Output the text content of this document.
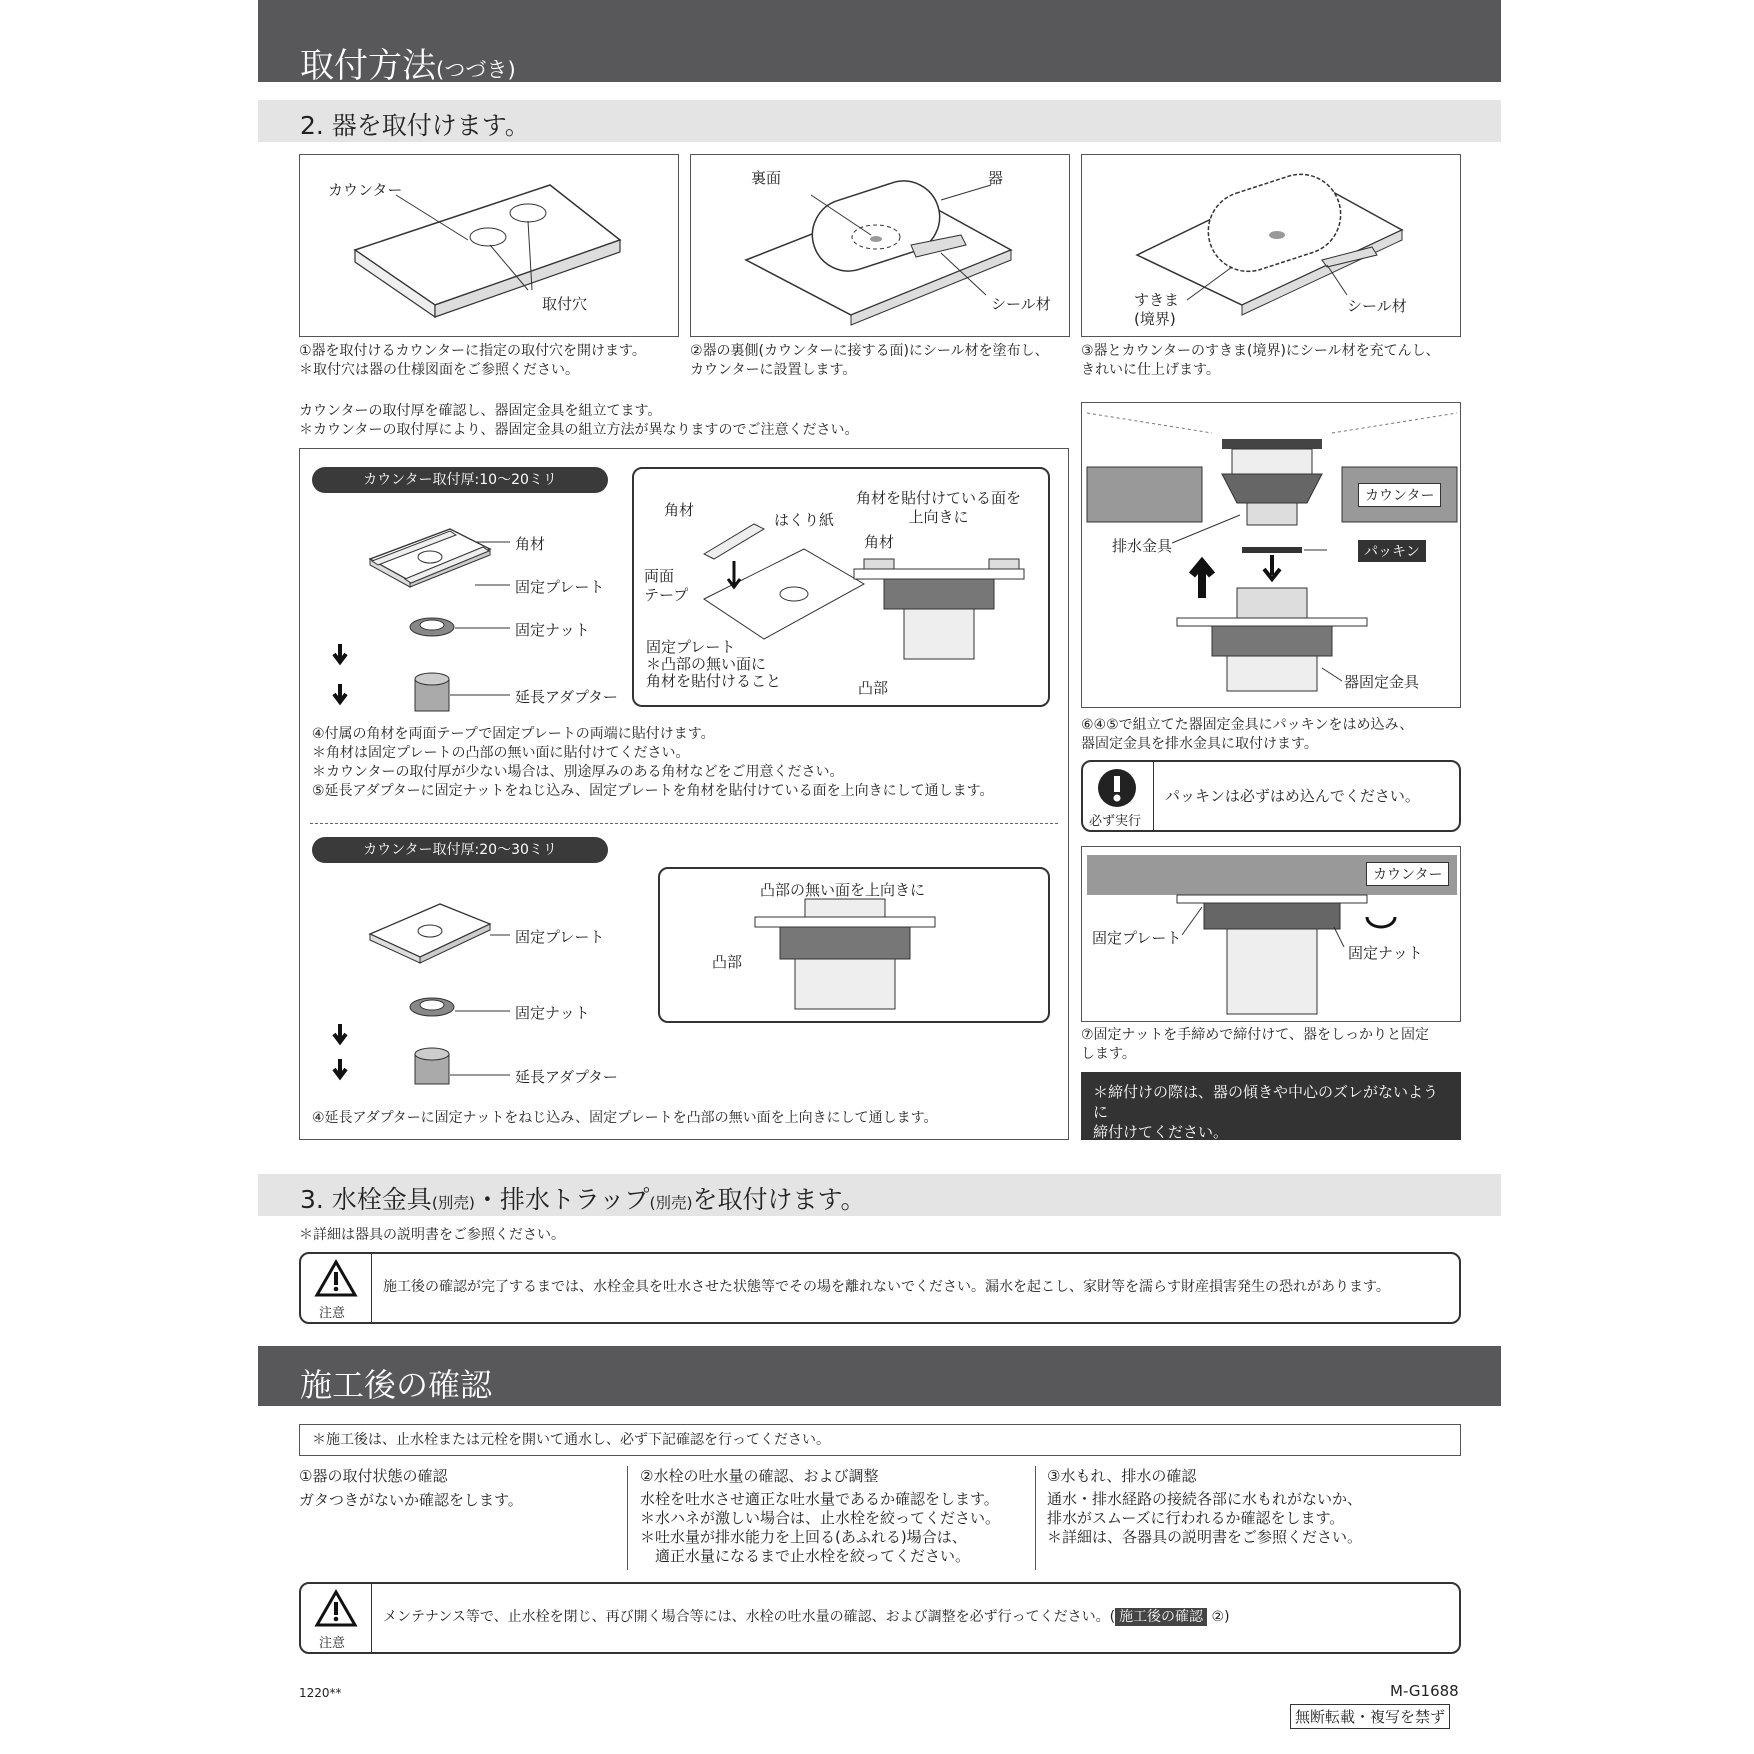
取付方法(つづき)
2. 器を取付けます。
カウンター
取付穴
①器を取付けるカウンターに指定の取付穴を開けます。
＊取付穴は器の仕様図面をご参照ください。
裏面	器
シール材
②器の裏側(カウンターに接する面)にシール材を塗布し、
カウンターに設置します。
すきま
(境界)
シール材
③器とカウンターのすきま(境界)にシール材を充てんし、
きれいに仕上げます。
カウンターの取付厚を確認し、器固定金具を組立てます。
＊カウンターの取付厚により、器固定金具の組立方法が異なりますのでご注意ください。
カウンター取付厚:10～20ミリ
角材
固定プレート
固定ナット
延長アダプター
角材
はくり紙
両面
テープ
固定プレート
＊凸部の無い面に
角材を貼付けること
角材を貼付けている面を
上向きに
角材
凸部
④付属の角材を両面テープで固定プレートの両端に貼付けます。
＊角材は固定プレートの凸部の無い面に貼付けてください。
＊カウンターの取付厚が少ない場合は、別途厚みのある角材などをご用意ください。
⑤延長アダプターに固定ナットをねじ込み、固定プレートを角材を貼付けている面を上向きにして通します。
カウンター取付厚:20～30ミリ
固定プレート
固定ナット
延長アダプター
凸部の無い面を上向きに
凸部
④延長アダプターに固定ナットをねじ込み、固定プレートを凸部の無い面を上向きにして通します。
カウンター
排水金具	パッキン
器固定金具
⑥④⑤で組立てた器固定金具にパッキンをはめ込み、
器固定金具を排水金具に取付けます。
必ず実行
パッキンは必ずはめ込んでください。
カウンター
固定プレート
固定ナット
⑦固定ナットを手締めで締付けて、器をしっかりと固定
します。
＊締付けの際は、器の傾きや中心のズレがないように
締付けてください。
3. 水栓金具(別売)・排水トラップ(別売)を取付けます。
＊詳細は器具の説明書をご参照ください。
注意
施工後の確認が完了するまでは、水栓金具を吐水させた状態等でその場を離れないでください。漏水を起こし、家財等を濡らす財産損害発生の恐れがあります。
施工後の確認
＊施工後は、止水栓または元栓を開いて通水し、必ず下記確認を行ってください。
①器の取付状態の確認
ガタつきがないか確認をします。
②水栓の吐水量の確認、および調整
水栓を吐水させ適正な吐水量であるか確認をします。
＊水ハネが激しい場合は、止水栓を絞ってください。
＊吐水量が排水能力を上回る(あふれる)場合は、
　適正水量になるまで止水栓を絞ってください。
③水もれ、排水の確認
通水・排水経路の接続各部に水もれがないか、
排水がスムーズに行われるか確認をします。
＊詳細は、各器具の説明書をご参照ください。
注意
メンテナンス等で、止水栓を閉じ、再び開く場合等には、水栓の吐水量の確認、および調整を必ず行ってください。( 施工後の確認 ②)
1220**	M-G1688
無断転載・複写を禁ず
